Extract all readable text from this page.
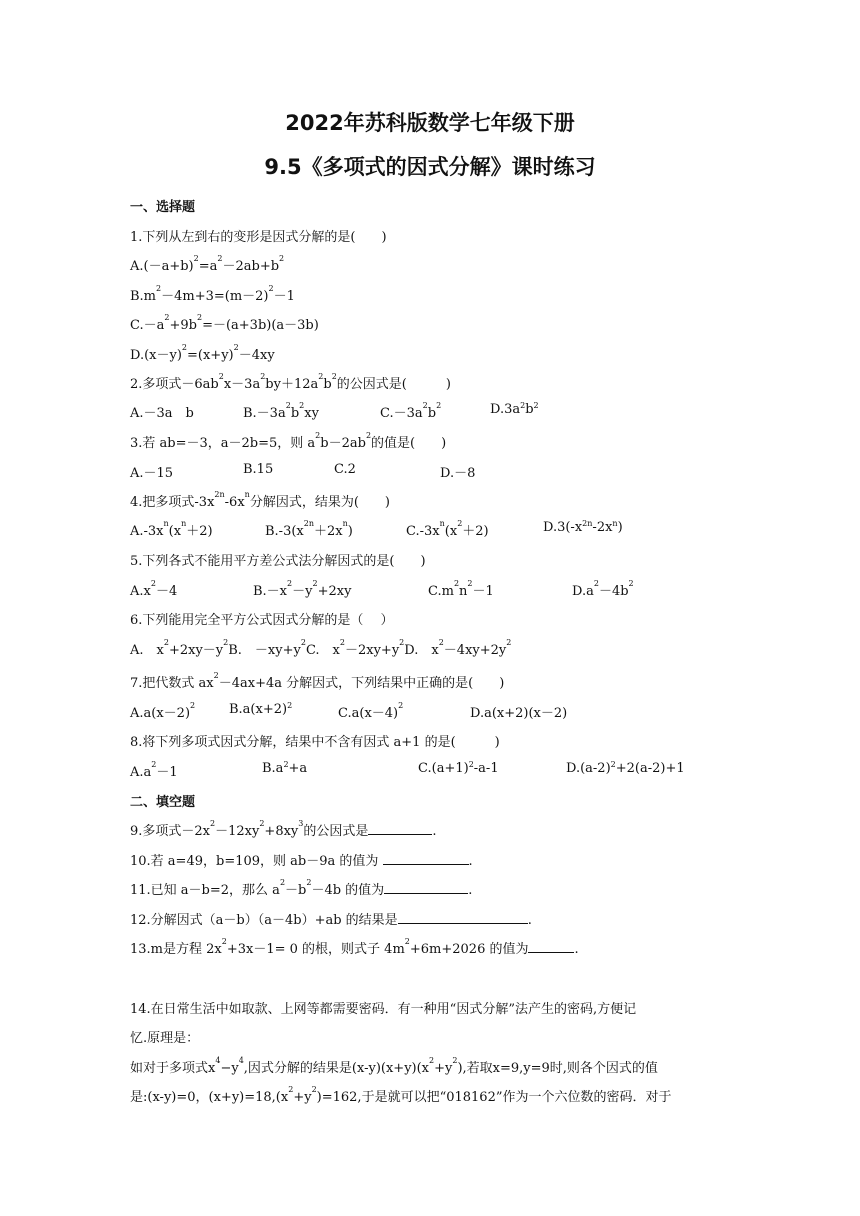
2022年苏科版数学七年级下册
9.5《多项式的因式分解》课时练习
一、选择题
1.下列从左到右的变形是因式分解的是(　　)
$A.(-a+b)^2=a^2-2ab+b^2$
$B.m^2-4m+3=(m-2)^2-1$
$C.-a^2+9b^2=-(a+3b)(a-3b)$
$D.(x-y)^2=(x+y)^2-4xy$
2.多项式$-6ab^2x-3a^2by+12a^2b^2$的公因式是(　　　)
A.－3a　b	$B.-3a^2b^2xy$	$C.-3a^2b^2$	$D.3a^2b^2$
3.若 ab=－3，a－2b=5，则 $a^2b-2ab^2$的值是(　　)
A.－15	B.15	C.2	D.－8
4.把多项式$-3x^{2n}-6x^n$分解因式，结果为(　　)
$A.-3x^n(x^n+2)$	$B.-3(x^{2n}+2x^n)$	$C.-3x^n(x^2+2)$	$D.3(-x^{2n}-2x^n)$
5.下列各式不能用平方差公式法分解因式的是(　　)
$A.x^2-4$	$B.-x^2-y^2+2xy$	$C.m^2n^2-1$	$D.a^2-4b^2$
6.下列能用完全平方公式因式分解的是（　 ）
A.　$x^2+2xy-y^2B$.　$-xy+y^2C$.　$x^2-2xy+y^2D$.　$x^2-4xy+2y^2$
7.把代数式 $ax^2-4ax+4a$ 分解因式，下列结果中正确的是(　　)
$A.a(x-2)^2$	$B.a(x+2)^2$
$C.a(x-4)^2$
D.a(x+2)(x－2)
8.将下列多项式因式分解，结果中不含有因式 a+1 的是(　　　)
$A.a^2-1$	$B.a^2+a$	$C.(a+1)^2-a-1$	$D.(a-2)^2+2(a-2)+1$
二、填空题
9.多项式$-2x^2-12xy^2+8xy^3$的公因式是	.
10.若 a=49，b=109，则 ab－9a 的值为	.
11.已知 a－b=2，那么 $a^2-b^2-4b$ 的值为	.
12.分解因式（a－b）（a－4b）+ab 的结果是	.
13.m是方程 $2x^2+3x-1= 0$ 的根，则式子 $4m^2+6m+2026$ 的值为	.
14.在日常生活中如取款、上网等都需要密码．有一种用“因式分解”法产生的密码,方便记
忆.原理是：
如对于多项式$x^4-y^4$,因式分解的结果是$(x-y)(x+y)(x^2+y^2)$,若取x=9,y=9时,则各个因式的值
是:(x-y)=0，$(x+y)=18,(x^2+y^2)=162$,于是就可以把“018162”作为一个六位数的密码．对于
